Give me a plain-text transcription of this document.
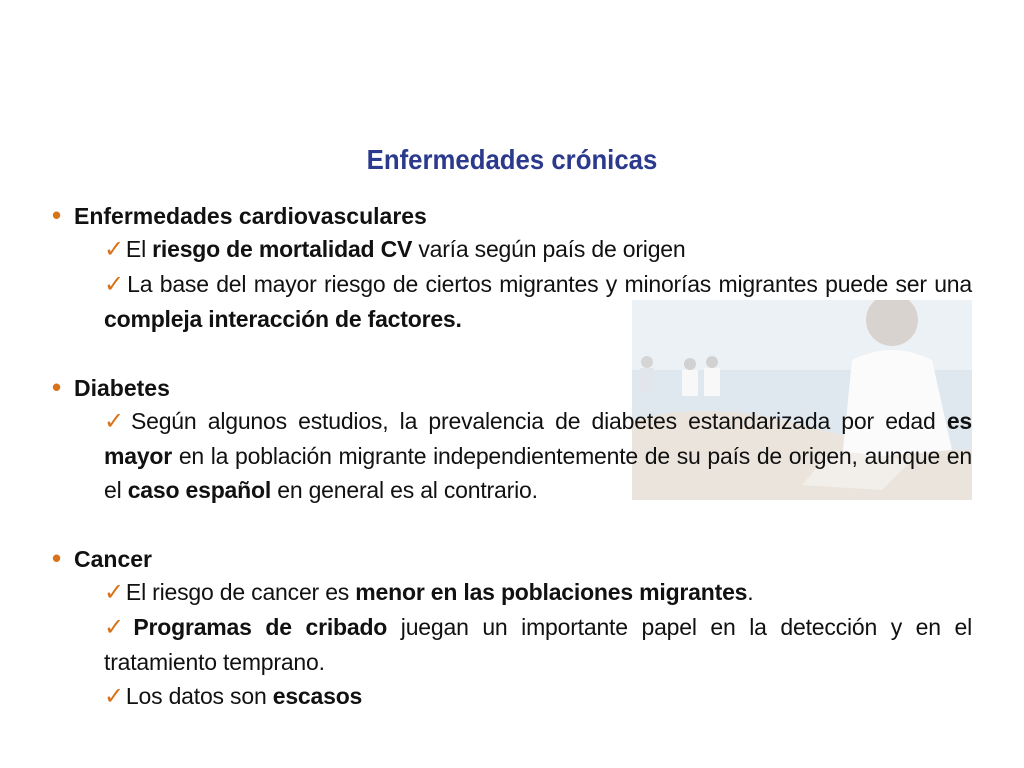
Enfermedades crónicas
• Enfermedades cardiovasculares
✓El riesgo de mortalidad CV varía según país de origen
✓La base del mayor riesgo de ciertos migrantes y minorías migrantes puede ser una compleja interacción de factores.
• Diabetes
✓Según algunos estudios, la prevalencia de diabetes estandarizada por edad es mayor en la población migrante independientemente de su país de origen, aunque en el caso español en general es al contrario.
• Cancer
✓El riesgo de cancer es menor en las poblaciones migrantes.
✓Programas de cribado juegan un importante papel en la detección y en el tratamiento temprano.
✓Los datos son escasos
